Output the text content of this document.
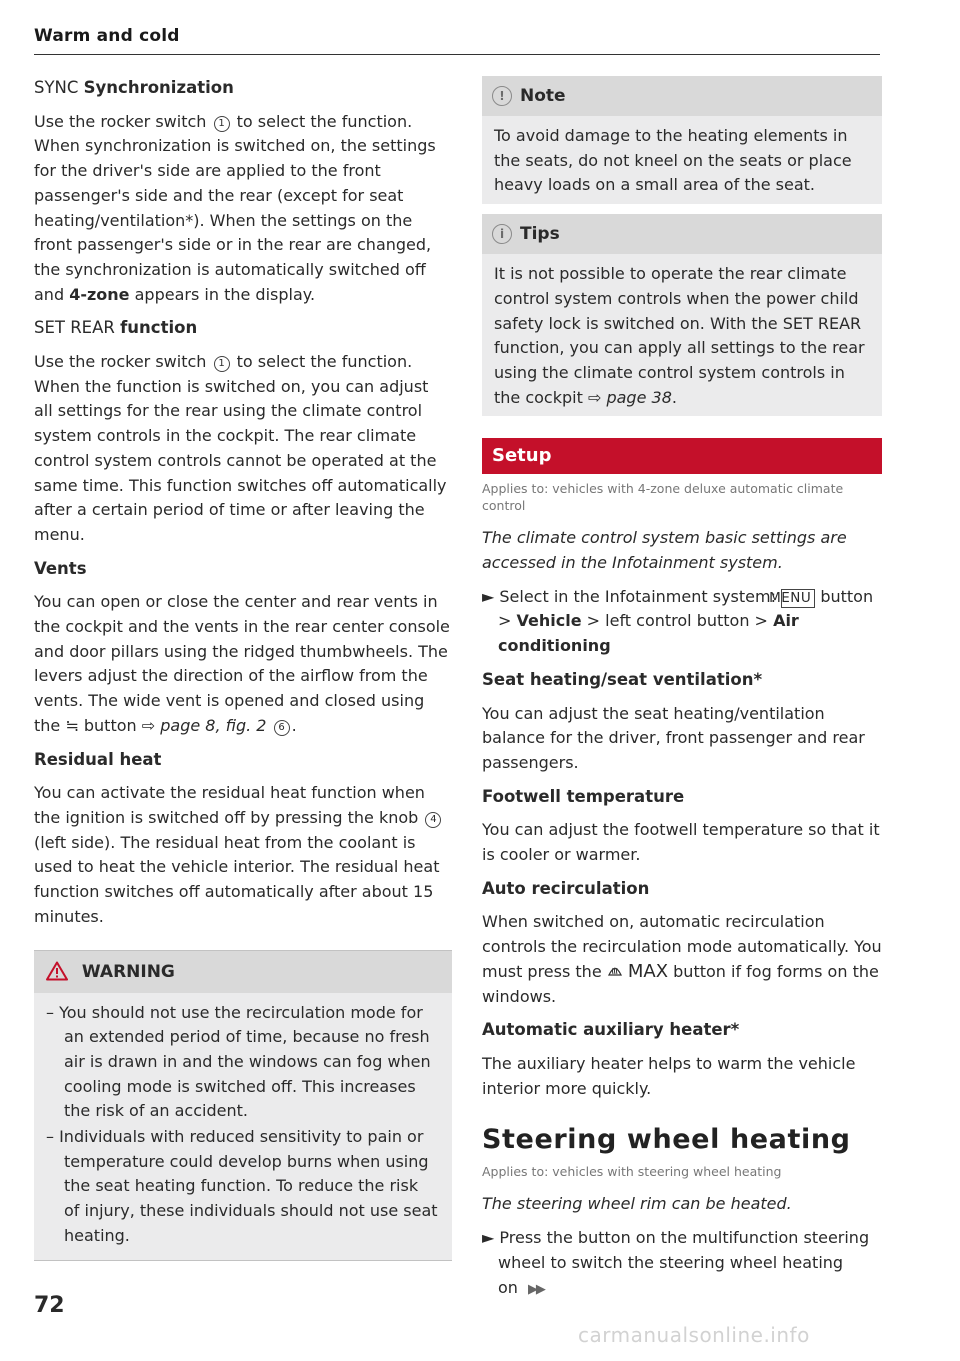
Warm and cold

SYNC Synchronization

Use the rocker switch 1 to select the function. When synchronization is switched on, the settings for the driver's side are applied to the front passenger's side and the rear (except for seat heating/ventilation*). When the settings on the front passenger's side or in the rear are changed, the synchronization is automatically switched off and 4-zone appears in the display.

SET REAR function

Use the rocker switch 1 to select the function. When the function is switched on, you can adjust all settings for the rear using the climate control system controls in the cockpit. The rear climate control system controls cannot be operated at the same time. This function switches off automatically after a certain period of time or after leaving the menu.

Vents

You can open or close the center and rear vents in the cockpit and the vents in the rear center console and door pillars using the ridged thumbwheels. The levers adjust the direction of the airflow from the vents. The wide vent is opened and closed using the ≒ button ⇨ page 8, fig. 2 6 .

Residual heat

You can activate the residual heat function when the ignition is switched off by pressing the knob 4 (left side). The residual heat from the coolant is used to heat the vehicle interior. The residual heat function switches off automatically after about 15 minutes.

WARNING
– You should not use the recirculation mode for an extended period of time, because no fresh air is drawn in and the windows can fog when cooling mode is switched off. This increases the risk of an accident.
– Individuals with reduced sensitivity to pain or temperature could develop burns when using the seat heating function. To reduce the risk of injury, these individuals should not use seat heating.
! Note

To avoid damage to the heating elements in the seats, do not kneel on the seats or place heavy loads on a small area of the seat.

i Tips

It is not possible to operate the rear climate control system controls when the power child safety lock is switched on. With the SET REAR function, you can apply all settings to the rear using the climate control system controls in the cockpit ⇨ page 38.

Setup
Applies to: vehicles with 4-zone deluxe automatic climate control

The climate control system basic settings are accessed in the Infotainment system.

► Select in the Infotainment system: MENU button > Vehicle > left control button > Air conditioning

Seat heating/seat ventilation*

You can adjust the seat heating/ventilation balance for the driver, front passenger and rear passengers.

Footwell temperature

You can adjust the footwell temperature so that it is cooler or warmer.

Auto recirculation

When switched on, automatic recirculation controls the recirculation mode automatically. You must press the MAX button if fog forms on the windows.

Automatic auxiliary heater*

The auxiliary heater helps to warm the vehicle interior more quickly.

Steering wheel heating
Applies to: vehicles with steering wheel heating

The steering wheel rim can be heated.

► Press the button on the multifunction steering wheel to switch the steering wheel heating on ▶▶

72
carmanualsonline.info
